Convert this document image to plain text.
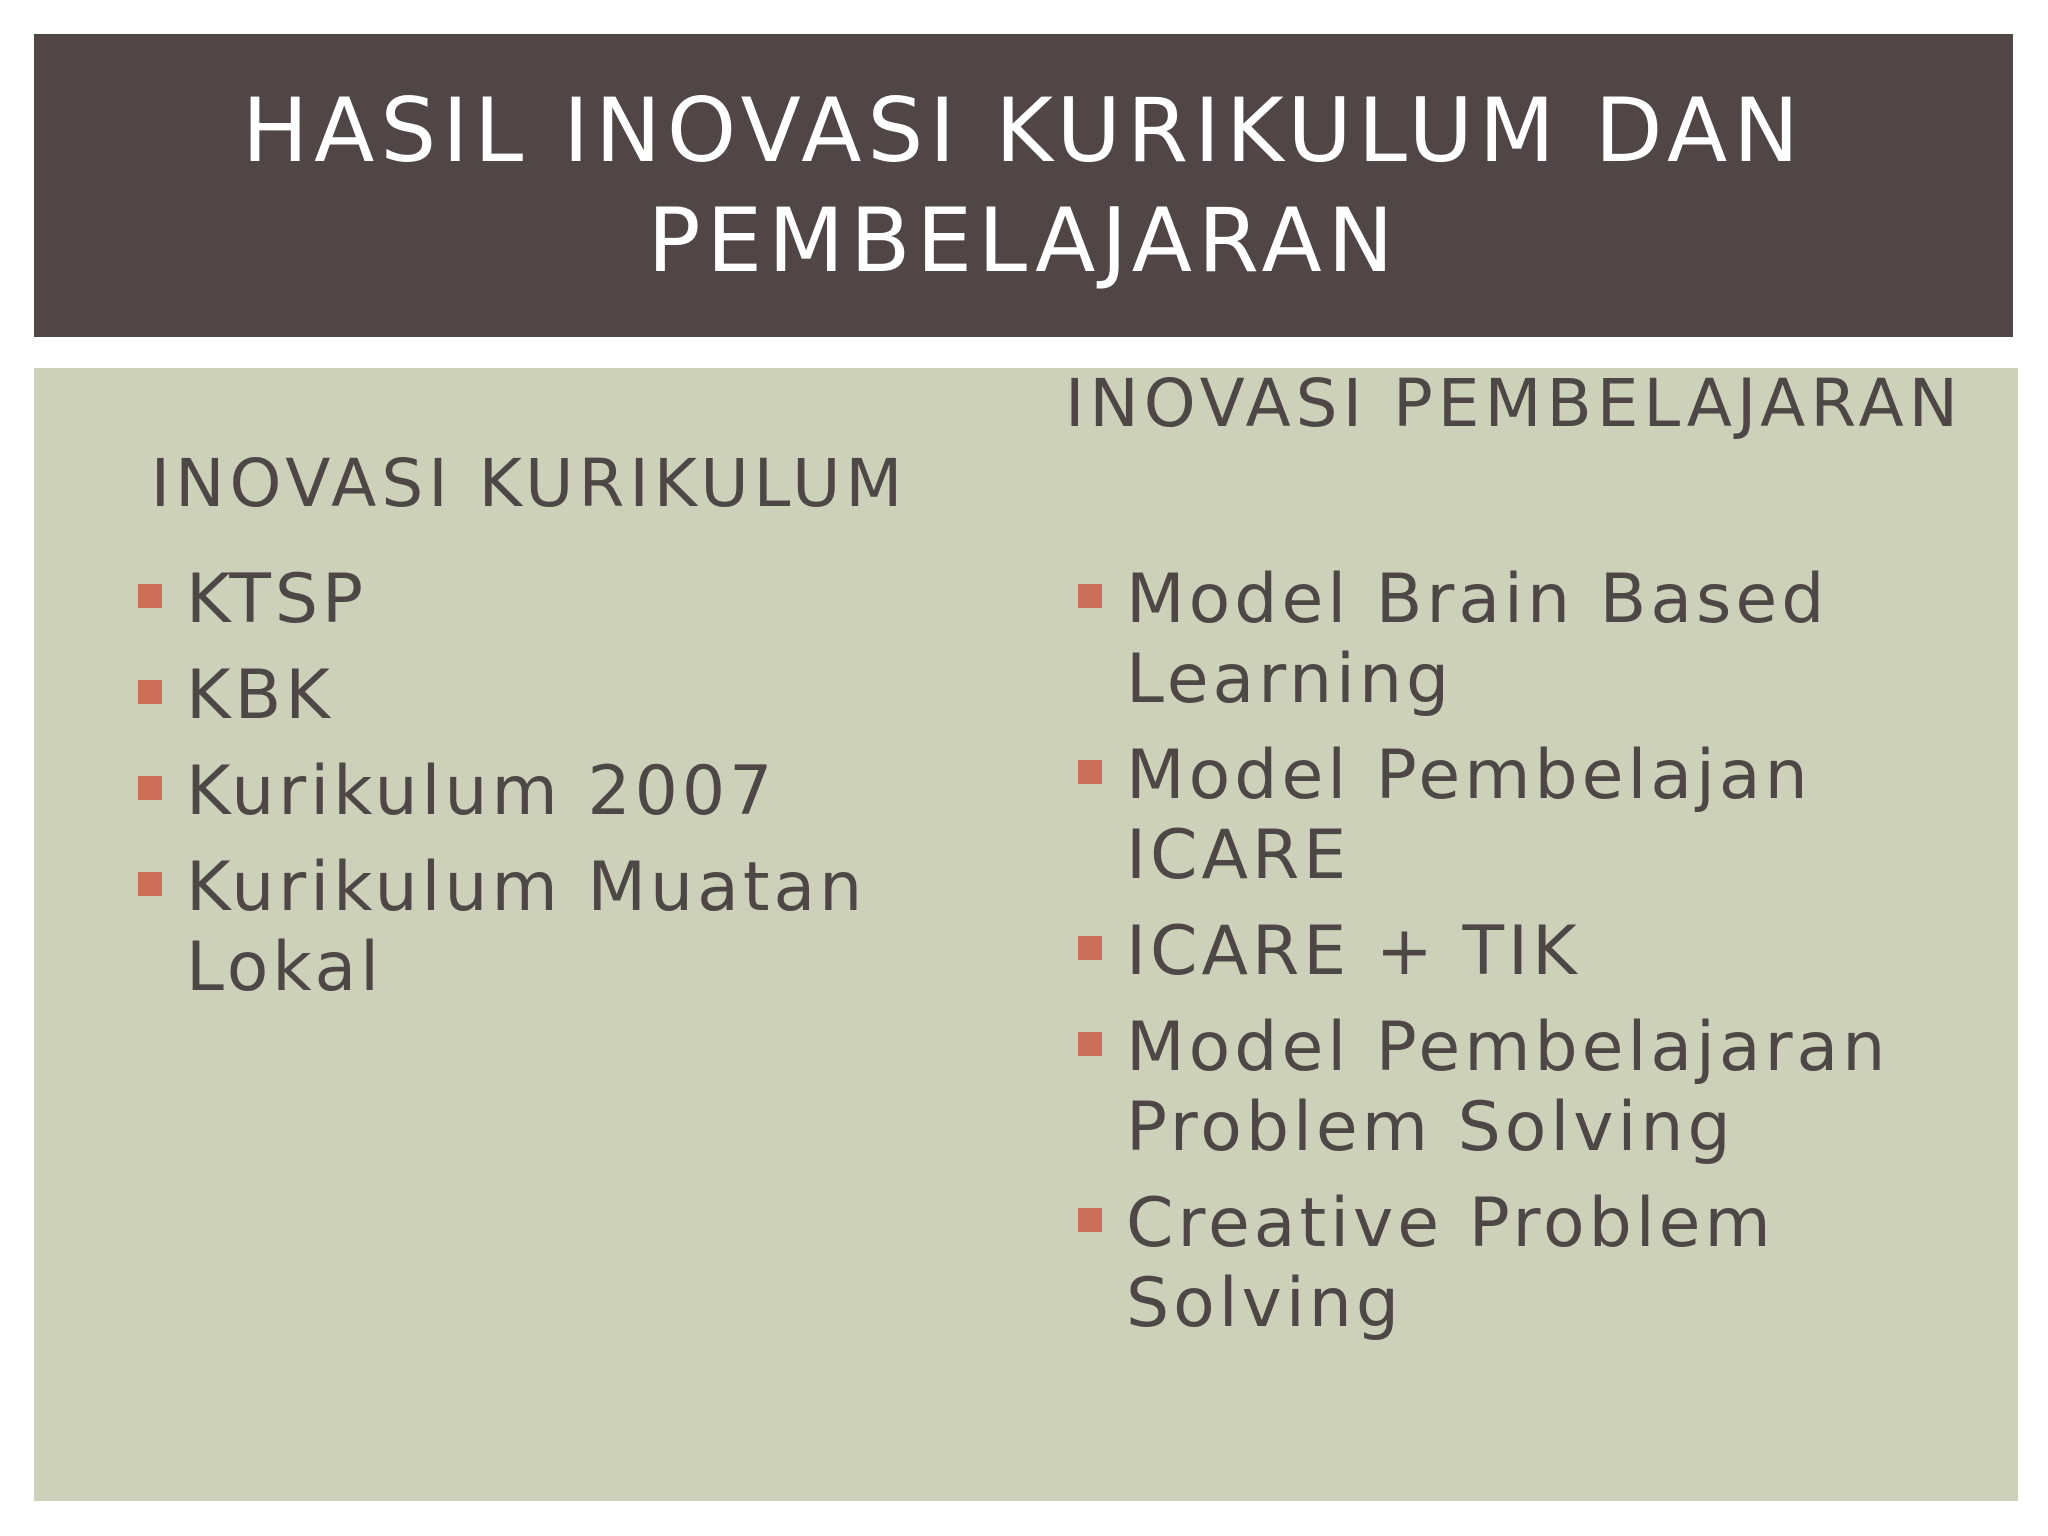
HASIL INOVASI KURIKULUM DAN PEMBELAJARAN
INOVASI KURIKULUM
KTSP
KBK
Kurikulum 2007
Kurikulum Muatan Lokal
INOVASI PEMBELAJARAN
Model Brain Based Learning
Model Pembelajan ICARE
ICARE + TIK
Model Pembelajaran Problem Solving
Creative Problem Solving
